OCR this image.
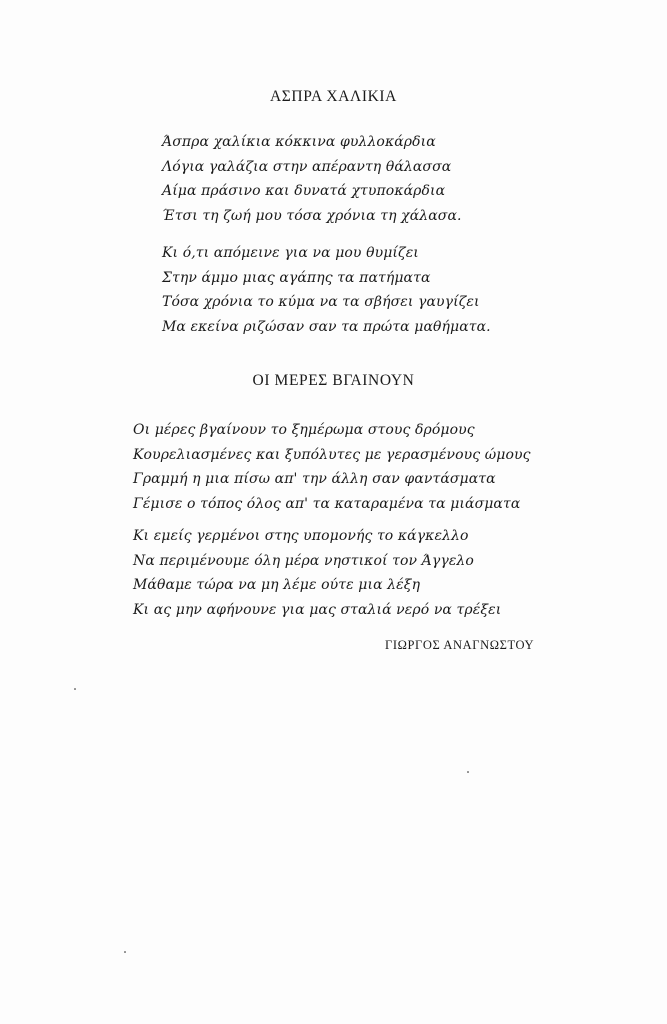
ΑΣΠΡΑ ΧΑΛΙΚΙΑ
Άσπρα χαλίκια κόκκινα φυλλοκάρδια
Λόγια γαλάζια στην απέραντη θάλασσα
Αίμα πράσινο και δυνατά χτυποκάρδια
Έτσι τη ζωή μου τόσα χρόνια τη χάλασα.
Κι ό,τι απόμεινε για να μου θυμίζει
Στην άμμο μιας αγάπης τα πατήματα
Τόσα χρόνια το κύμα να τα σβήσει γαυγίζει
Μα εκείνα ριζώσαν σαν τα πρώτα μαθήματα.
ΟΙ ΜΕΡΕΣ ΒΓΑΙΝΟΥΝ
Οι μέρες βγαίνουν το ξημέρωμα στους δρόμους
Κουρελιασμένες και ξυπόλυτες με γερασμένους ώμους
Γραμμή η μια πίσω απ' την άλλη σαν φαντάσματα
Γέμισε ο τόπος όλος απ' τα καταραμένα τα μιάσματα
Κι εμείς γερμένοι στης υπομονής το κάγκελλο
Να περιμένουμε όλη μέρα νηστικοί τον Άγγελο
Μάθαμε τώρα να μη λέμε ούτε μια λέξη
Κι ας μην αφήνουνε για μας σταλιά νερό να τρέξει
ΓΙΩΡΓΟΣ ΑΝΑΓΝΩΣΤΟΥ
